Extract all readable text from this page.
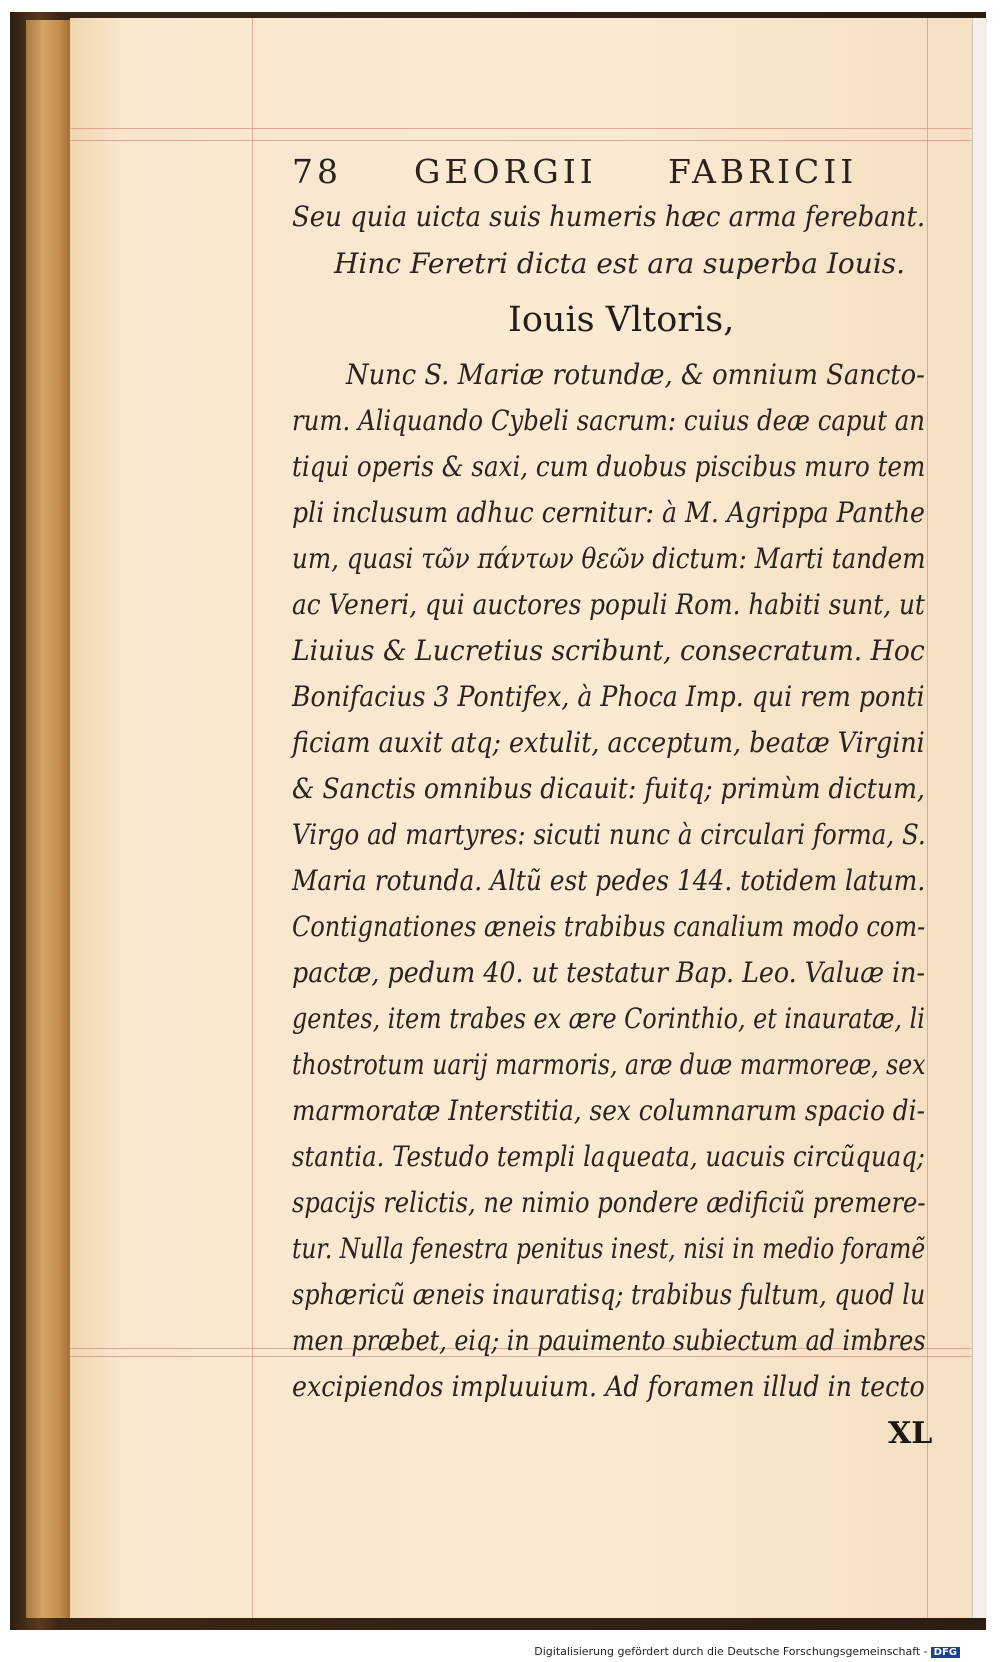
78 GEORGII FABRICII
Seu quia uicta suis humeris hæc arma ferebant.
Hinc Feretri dicta est ara superba Iouis.
Iouis Vltoris,
Nunc S. Mariæ rotundæ, & omnium Sancto-
rum. Aliquando Cybeli sacrum: cuius deæ caput an
tiqui operis & saxi, cum duobus piscibus muro tem
pli inclusum adhuc cernitur: à M. Agrippa Panthe
um, quasi τῶν πάντων θεῶν dictum: Marti tandem
ac Veneri, qui auctores populi Rom. habiti sunt, ut
Liuius & Lucretius scribunt, consecratum. Hoc
Bonifacius 3 Pontifex, à Phoca Imp. qui rem ponti
ficiam auxit atq; extulit, acceptum, beatæ Virgini
& Sanctis omnibus dicauit: fuitq; primùm dictum,
Virgo ad martyres: sicuti nunc à circulari forma, S.
Maria rotunda. Altũ est pedes 144. totidem latum.
Contignationes æneis trabibus canalium modo com-
pactæ, pedum 40. ut testatur Bap. Leo. Valuæ in-
gentes, item trabes ex ære Corinthio, et inauratæ, li
thostrotum uarij marmoris, aræ duæ marmoreæ, sex
marmoratæ Interstitia, sex columnarum spacio di-
stantia. Testudo templi laqueata, uacuis circũquaq;
spacijs relictis, ne nimio pondere ædificiũ premere-
tur. Nulla fenestra penitus inest, nisi in medio foramẽ
sphæricũ æneis inauratisq; trabibus fultum, quod lu
men præbet, eiq; in pauimento subiectum ad imbres
excipiendos impluuium. Ad foramen illud in tecto
XL
Digitalisierung gefördert durch die Deutsche Forschungsgemeinschaft - DFG
